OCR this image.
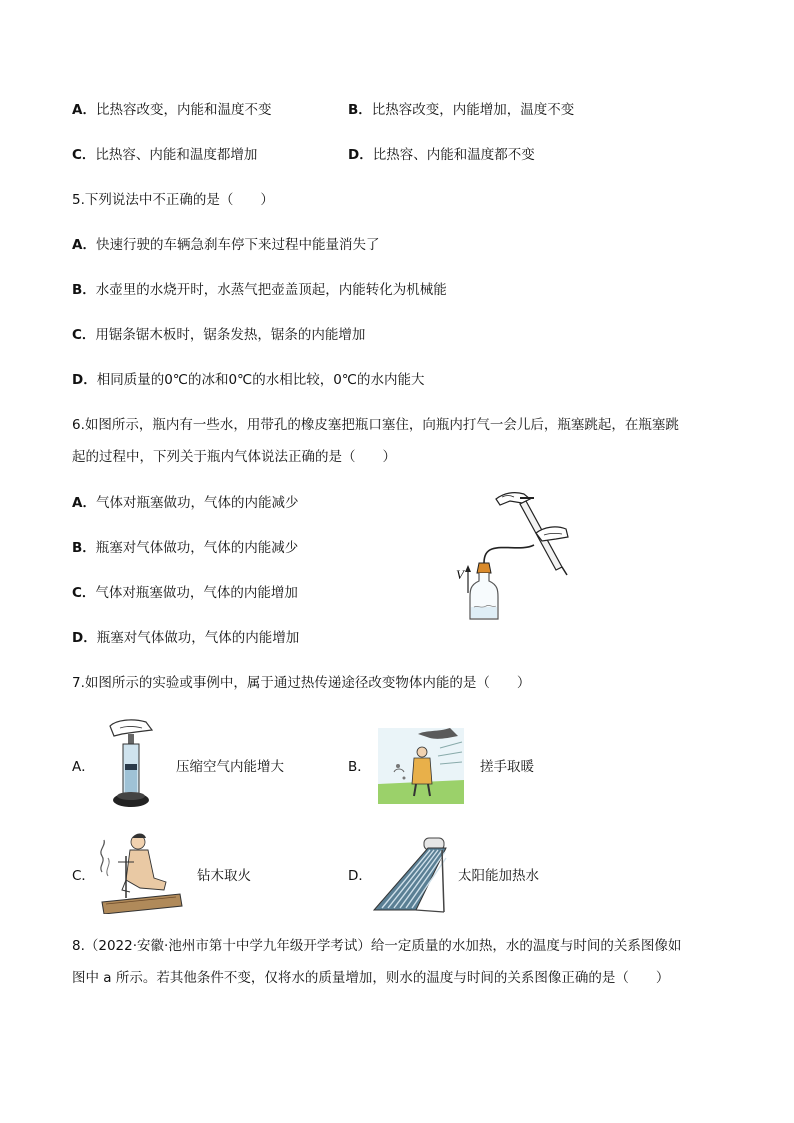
A．比热容改变，内能和温度不变	B．比热容改变，内能增加，温度不变
C．比热容、内能和温度都增加	D．比热容、内能和温度都不变
5.下列说法中不正确的是（　　）
A．快速行驶的车辆急刹车停下来过程中能量消失了
B．水壶里的水烧开时，水蒸气把壶盖顶起，内能转化为机械能
C．用锯条锯木板时，锯条发热，锯条的内能增加
D．相同质量的0℃的冰和0℃的水相比较，0℃的水内能大
6.如图所示，瓶内有一些水，用带孔的橡皮塞把瓶口塞住，向瓶内打气一会儿后，瓶塞跳起，在瓶塞跳
起的过程中，下列关于瓶内气体说法正确的是（　　）
A．气体对瓶塞做功，气体的内能减少
B．瓶塞对气体做功，气体的内能减少
C．气体对瓶塞做功，气体的内能增加
D．瓶塞对气体做功，气体的内能增加
V
7.如图所示的实验或事例中，属于通过热传递途径改变物体内能的是（　　）
A．	压缩空气内能增大	B．	搓手取暖
C．	钻木取火	D．	太阳能加热水
8.（2022·安徽·池州市第十中学九年级开学考试）给一定质量的水加热，水的温度与时间的关系图像如
图中 a 所示。若其他条件不变，仅将水的质量增加，则水的温度与时间的关系图像正确的是（　　）
